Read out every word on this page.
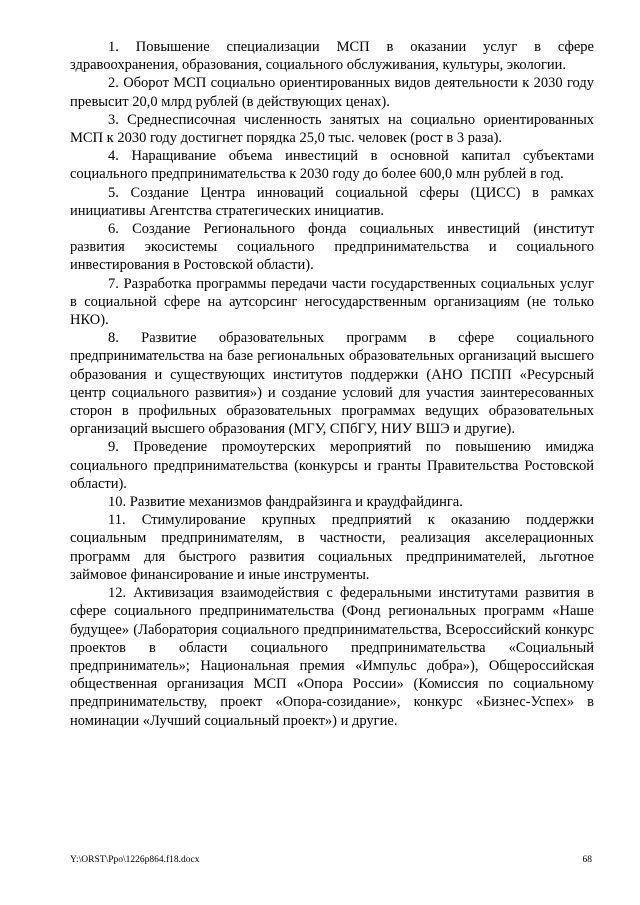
1. Повышение специализации МСП в оказании услуг в сфере здравоохранения, образования, социального обслуживания, культуры, экологии.

2. Оборот МСП социально ориентированных видов деятельности к 2030 году превысит 20,0 млрд рублей (в действующих ценах).

3. Среднесписочная численность занятых на социально ориентированных МСП к 2030 году достигнет порядка 25,0 тыс. человек (рост в 3 раза).

4. Наращивание объема инвестиций в основной капитал субъектами социального предпринимательства к 2030 году до более 600,0 млн рублей в год.

5. Создание Центра инноваций социальной сферы (ЦИСС) в рамках инициативы Агентства стратегических инициатив.

6. Создание Регионального фонда социальных инвестиций (институт развития экосистемы социального предпринимательства и социального инвестирования в Ростовской области).

7. Разработка программы передачи части государственных социальных услуг в социальной сфере на аутсорсинг негосударственным организациям (не только НКО).

8. Развитие образовательных программ в сфере социального предпринимательства на базе региональных образовательных организаций высшего образования и существующих институтов поддержки (АНО ПСПП «Ресурсный центр социального развития») и создание условий для участия заинтересованных сторон в профильных образовательных программах ведущих образовательных организаций высшего образования (МГУ, СПбГУ, НИУ ВШЭ и другие).

9. Проведение промоутерских мероприятий по повышению имиджа социального предпринимательства (конкурсы и гранты Правительства Ростовской области).

10. Развитие механизмов фандрайзинга и краудфайдинга.

11. Стимулирование крупных предприятий к оказанию поддержки социальным предпринимателям, в частности, реализация акселерационных программ для быстрого развития социальных предпринимателей, льготное займовое финансирование и иные инструменты.

12. Активизация взаимодействия с федеральными институтами развития в сфере социального предпринимательства (Фонд региональных программ «Наше будущее» (Лаборатория социального предпринимательства, Всероссийский конкурс проектов в области социального предпринимательства «Социальный предприниматель»; Национальная премия «Импульс добра»), Общероссийская общественная организация МСП «Опора России» (Комиссия по социальному предпринимательству, проект «Опора-созидание», конкурс «Бизнес-Успех» в номинации «Лучший социальный проект») и другие.

Y:\ORST\Ppo\1226p864.f18.docx	68
